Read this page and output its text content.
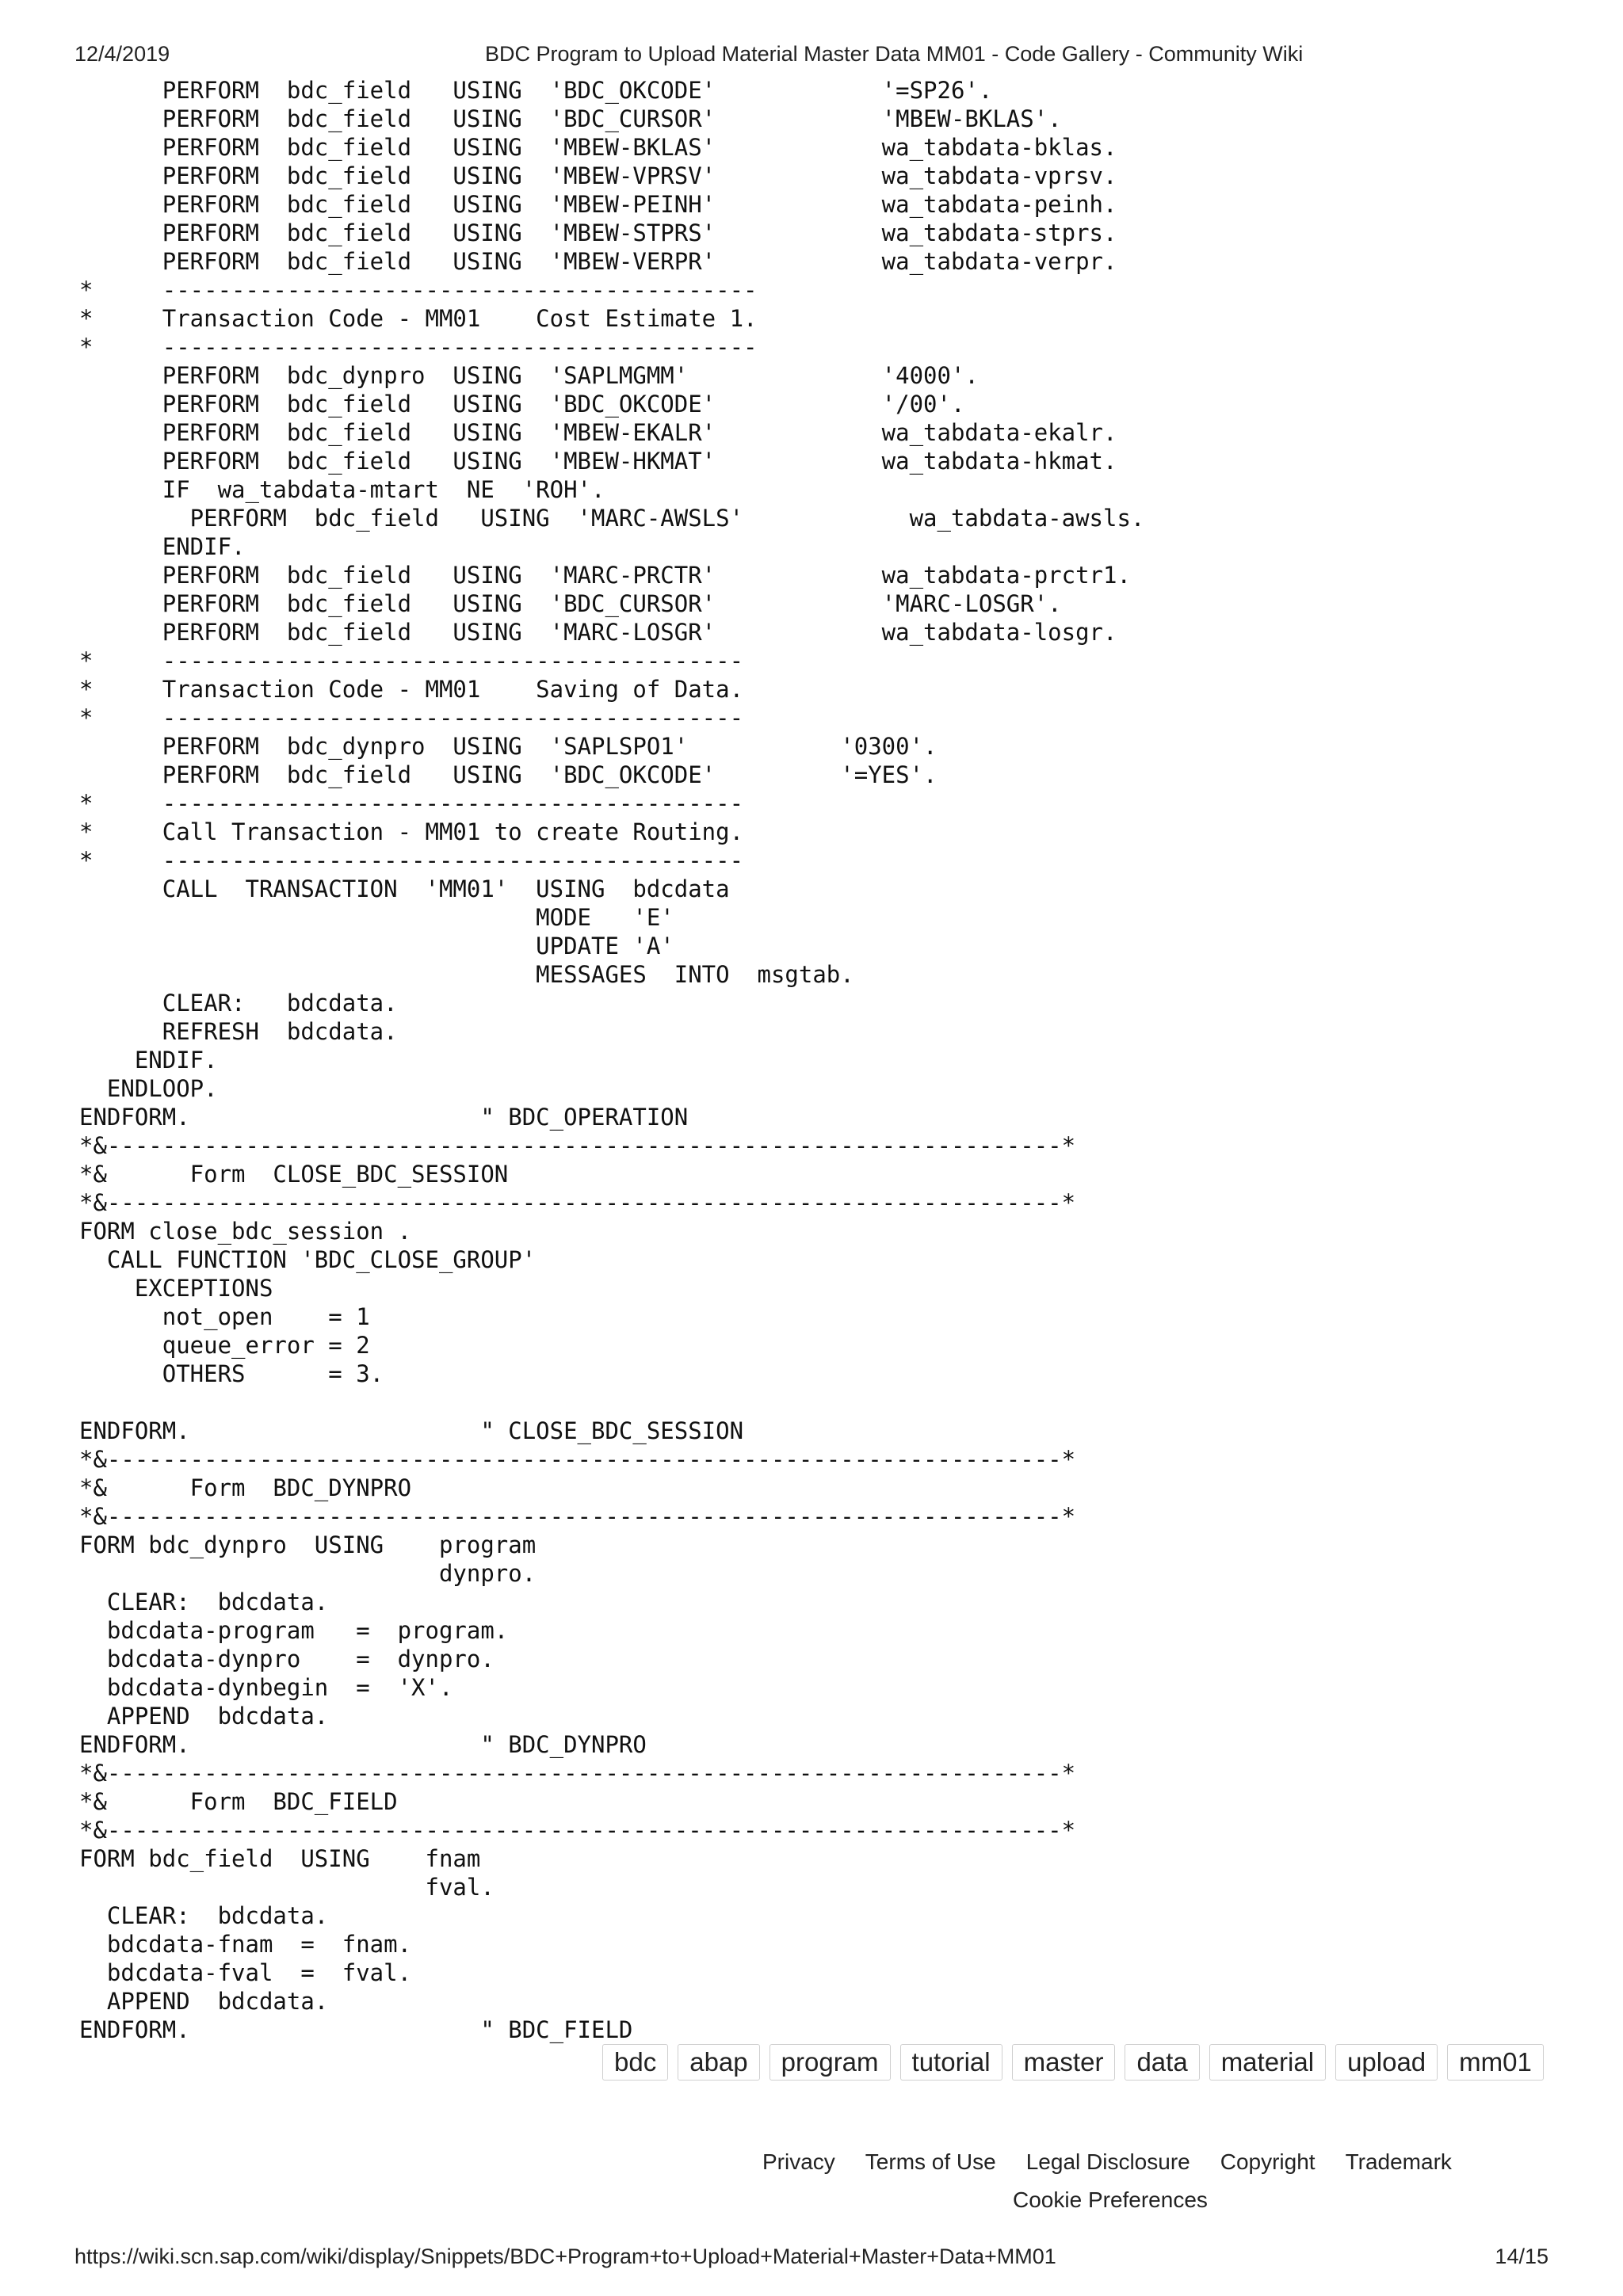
12/4/2019	BDC Program to Upload Material Master Data MM01 - Code Gallery - Community Wiki
PERFORM  bdc_field   USING  'BDC_OKCODE'            '=SP26'.
PERFORM  bdc_field   USING  'BDC_CURSOR'            'MBEW-BKLAS'.
PERFORM  bdc_field   USING  'MBEW-BKLAS'            wa_tabdata-bklas.
PERFORM  bdc_field   USING  'MBEW-VPRSV'            wa_tabdata-vprsv.
PERFORM  bdc_field   USING  'MBEW-PEINH'            wa_tabdata-peinh.
PERFORM  bdc_field   USING  'MBEW-STPRS'            wa_tabdata-stprs.
PERFORM  bdc_field   USING  'MBEW-VERPR'            wa_tabdata-verpr.
*     -------------------------------------------
*     Transaction Code - MM01    Cost Estimate 1.
*     -------------------------------------------
PERFORM  bdc_dynpro  USING  'SAPLMGMM'              '4000'.
PERFORM  bdc_field   USING  'BDC_OKCODE'            '/00'.
PERFORM  bdc_field   USING  'MBEW-EKALR'            wa_tabdata-ekalr.
PERFORM  bdc_field   USING  'MBEW-HKMAT'            wa_tabdata-hkmat.
IF  wa_tabdata-mtart  NE  'ROH'.
PERFORM  bdc_field   USING  'MARC-AWSLS'            wa_tabdata-awsls.
ENDIF.
PERFORM  bdc_field   USING  'MARC-PRCTR'            wa_tabdata-prctr1.
PERFORM  bdc_field   USING  'BDC_CURSOR'            'MARC-LOSGR'.
PERFORM  bdc_field   USING  'MARC-LOSGR'            wa_tabdata-losgr.
*     ------------------------------------------
*     Transaction Code - MM01    Saving of Data.
*     ------------------------------------------
PERFORM  bdc_dynpro  USING  'SAPLSPO1'           '0300'.
PERFORM  bdc_field   USING  'BDC_OKCODE'         '=YES'.
*     ------------------------------------------
*     Call Transaction - MM01 to create Routing.
*     ------------------------------------------
CALL  TRANSACTION  'MM01'  USING  bdcdata
MODE   'E'
UPDATE 'A'
MESSAGES  INTO  msgtab.
CLEAR:   bdcdata.
REFRESH  bdcdata.
ENDIF.
ENDLOOP.
ENDFORM.                     " BDC_OPERATION
*&---------------------------------------------------------------------*
*&      Form  CLOSE_BDC_SESSION
*&---------------------------------------------------------------------*
FORM close_bdc_session .
CALL FUNCTION 'BDC_CLOSE_GROUP'
EXCEPTIONS
not_open    = 1
queue_error = 2
OTHERS      = 3.
ENDFORM.                     " CLOSE_BDC_SESSION
*&---------------------------------------------------------------------*
*&      Form  BDC_DYNPRO
*&---------------------------------------------------------------------*
FORM bdc_dynpro  USING    program
dynpro.
CLEAR:  bdcdata.
bdcdata-program   =  program.
bdcdata-dynpro    =  dynpro.
bdcdata-dynbegin  =  'X'.
APPEND  bdcdata.
ENDFORM.                     " BDC_DYNPRO
*&---------------------------------------------------------------------*
*&      Form  BDC_FIELD
*&---------------------------------------------------------------------*
FORM bdc_field  USING    fnam
fval.
CLEAR:  bdcdata.
bdcdata-fnam  =  fnam.
bdcdata-fval  =  fval.
APPEND  bdcdata.
ENDFORM.                     " BDC_FIELD
bdc	abap	program	tutorial	master	data	material	upload	mm01
Privacy Terms of Use Legal Disclosure Copyright Trademark
Cookie Preferences
https://wiki.scn.sap.com/wiki/display/Snippets/BDC+Program+to+Upload+Material+Master+Data+MM01	14/15
